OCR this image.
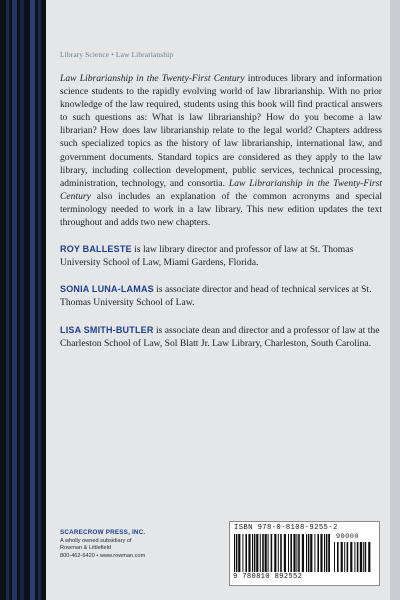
Library Science • Law Librarianship

Law Librarianship in the Twenty-First Century introduces library and information science students to the rapidly evolving world of law librarianship. With no prior knowledge of the law required, students using this book will find practical answers to such questions as: What is law librarianship? How do you become a law librarian? How does law librarianship relate to the legal world? Chapters address such specialized topics as the history of law librarianship, international law, and government documents. Standard topics are considered as they apply to the law library, including collection development, public services, technical processing, administration, technology, and consortia. Law Librarianship in the Twenty-First Century also includes an explanation of the common acronyms and special terminology needed to work in a law library. This new edition updates the text throughout and adds two new chapters.

ROY BALLESTE is law library director and professor of law at St. Thomas University School of Law, Miami Gardens, Florida.

SONIA LUNA-LAMAS is associate director and head of technical services at St. Thomas University School of Law.

LISA SMITH-BUTLER is associate dean and director and a professor of law at the Charleston School of Law, Sol Blatt Jr. Law Library, Charleston, South Carolina.

SCARECROW PRESS, INC.

A wholly owned subsidiary of

Rowman & Littlefield

800-462-6420 • www.rowman.com

ISBN 978-0-8108-9255-2
90000
9 780810 892552
